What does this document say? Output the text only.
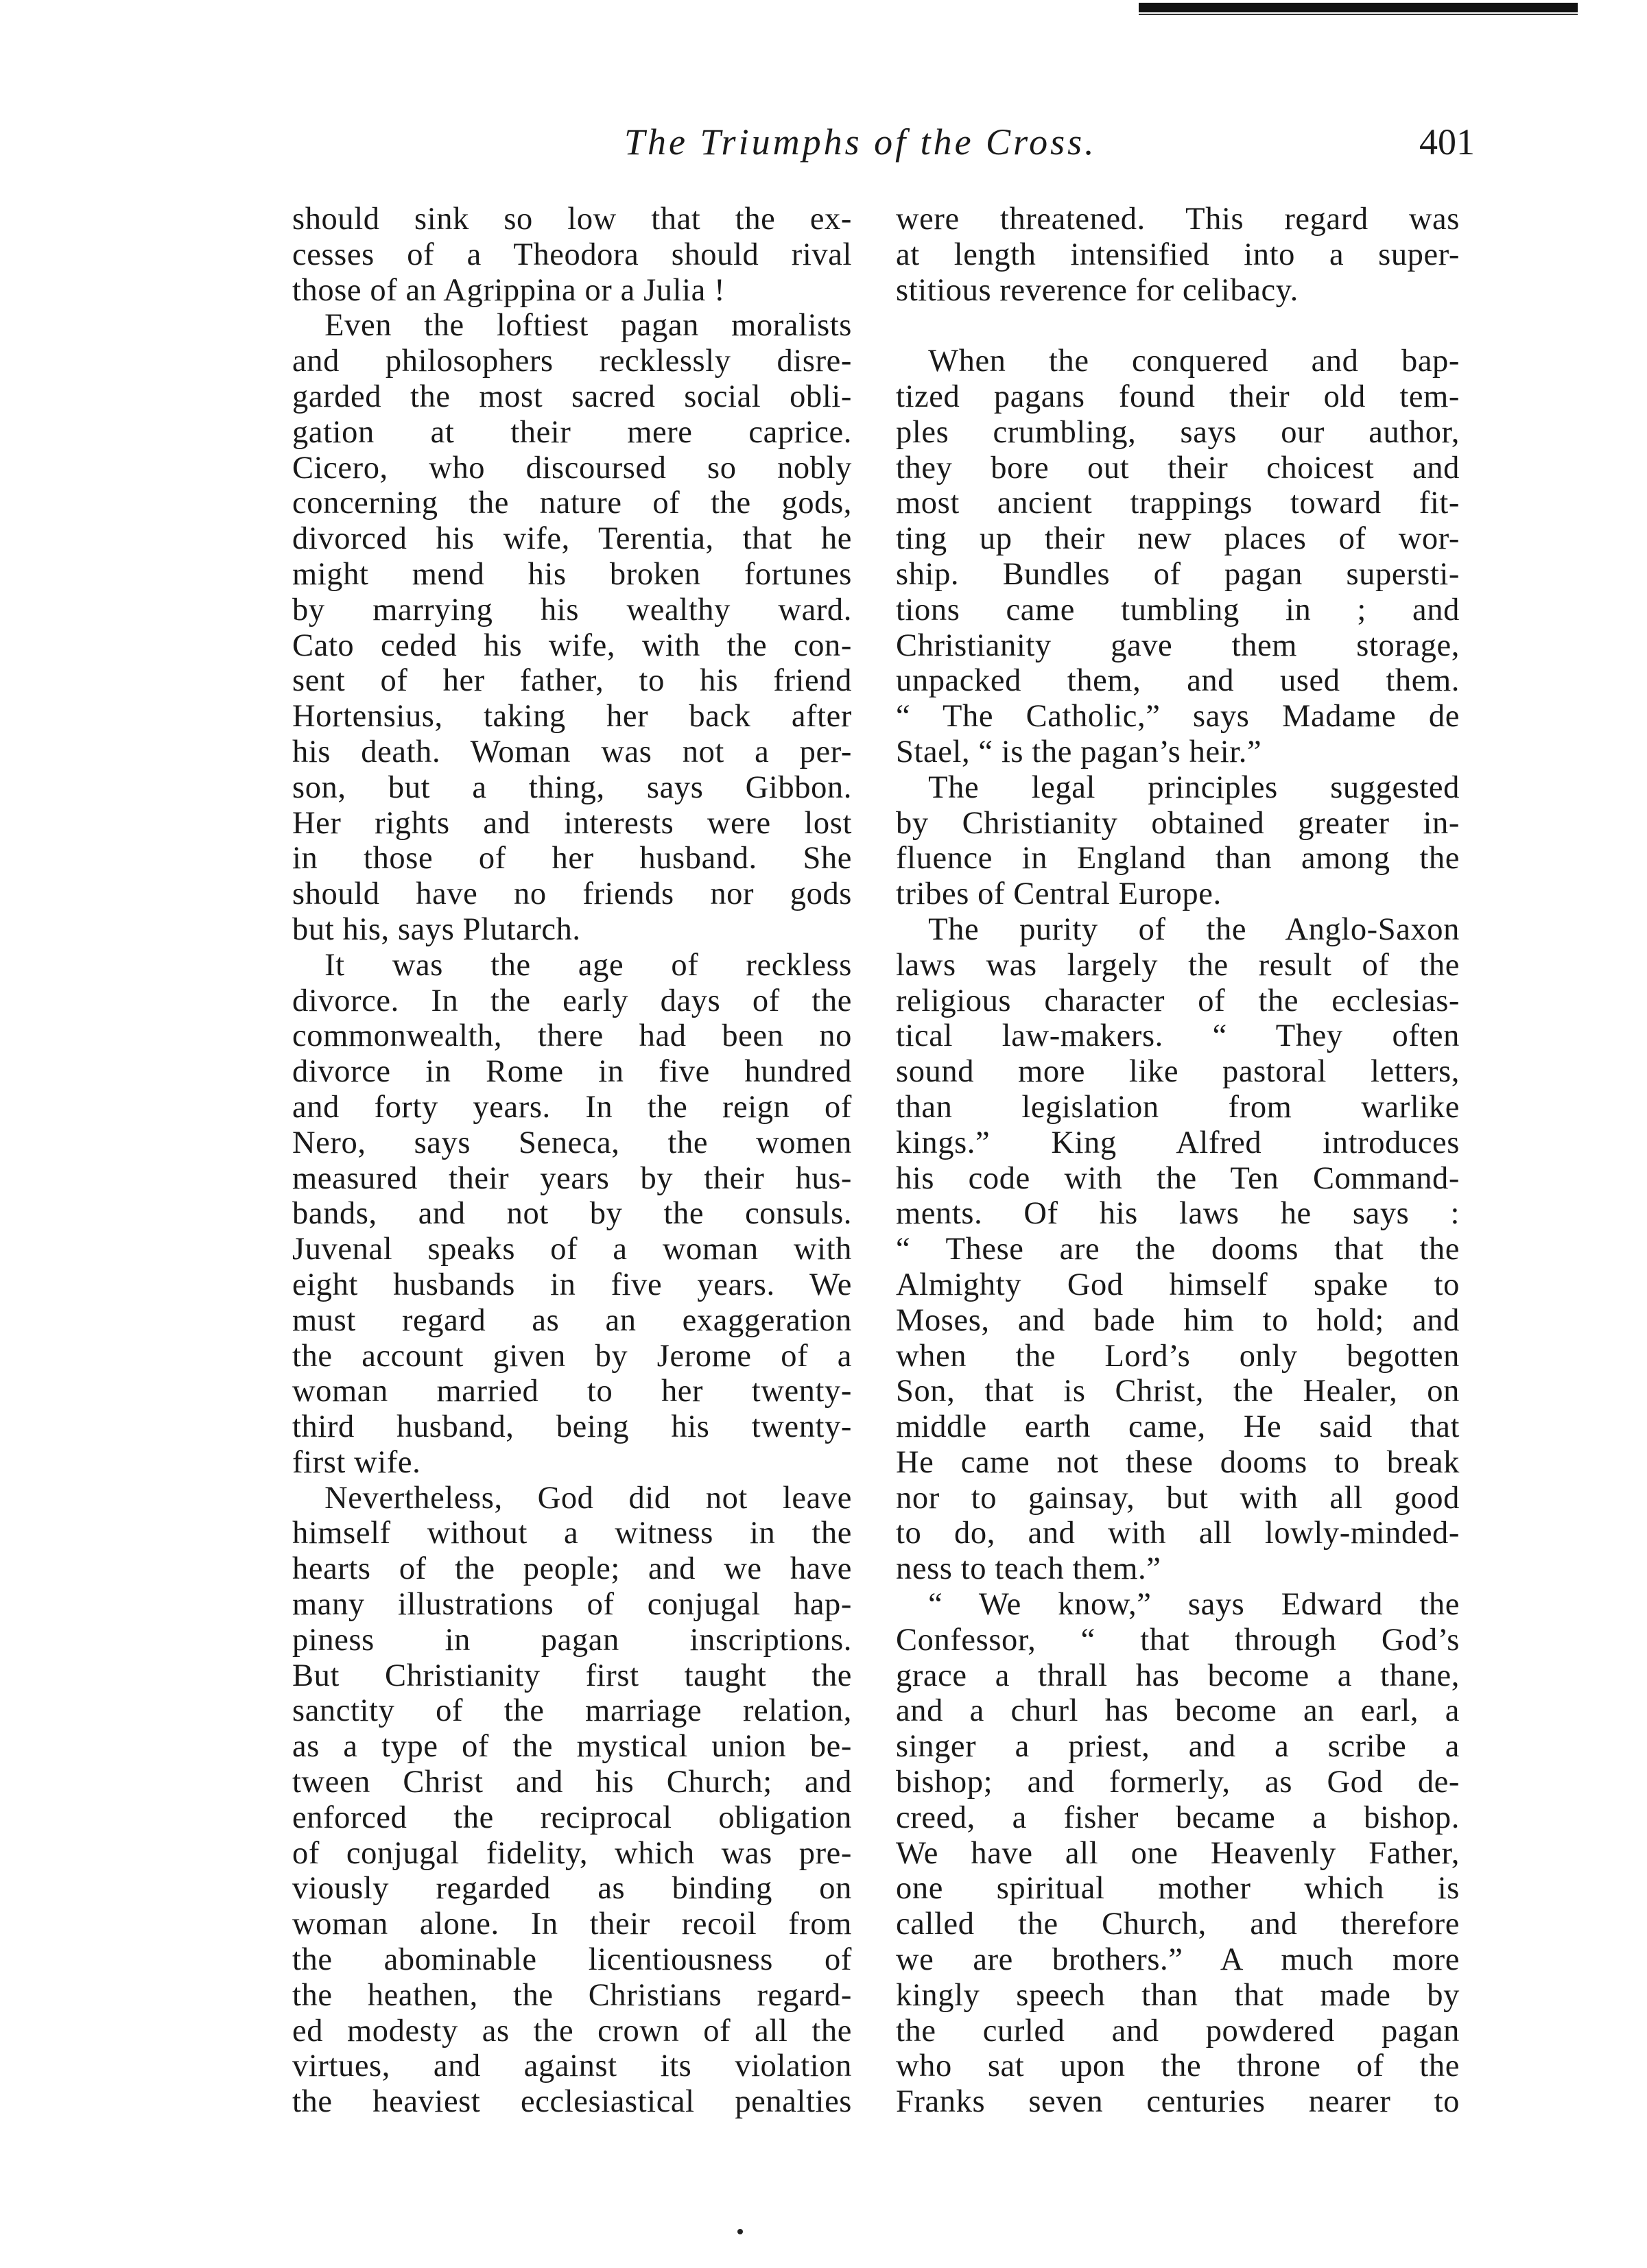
The Triumphs of the Cross.	401
should sink so low that the ex-
cesses of a Theodora should rival
those of an Agrippina or a Julia !
 Even the loftiest pagan moralists
and philosophers recklessly disre-
garded the most sacred social obli-
gation at their mere caprice.
Cicero, who discoursed so nobly
concerning the nature of the gods,
divorced his wife, Terentia, that he
might mend his broken fortunes
by marrying his wealthy ward.
Cato ceded his wife, with the con-
sent of her father, to his friend
Hortensius, taking her back after
his death. Woman was not a per-
son, but a thing, says Gibbon.
Her rights and interests were lost
in those of her husband. She
should have no friends nor gods
but his, says Plutarch.
 It was the age of reckless
divorce. In the early days of the
commonwealth, there had been no
divorce in Rome in five hundred
and forty years. In the reign of
Nero, says Seneca, the women
measured their years by their hus-
bands, and not by the consuls.
Juvenal speaks of a woman with
eight husbands in five years. We
must regard as an exaggeration
the account given by Jerome of a
woman married to her twenty-
third husband, being his twenty-
first wife.
 Nevertheless, God did not leave
himself without a witness in the
hearts of the people; and we have
many illustrations of conjugal hap-
piness in pagan inscriptions.
But Christianity first taught the
sanctity of the marriage relation,
as a type of the mystical union be-
tween Christ and his Church; and
enforced the reciprocal obligation
of conjugal fidelity, which was pre-
viously regarded as binding on
woman alone. In their recoil from
the abominable licentiousness of
the heathen, the Christians regard-
ed modesty as the crown of all the
virtues, and against its violation
the heaviest ecclesiastical penalties
were threatened. This regard was
at length intensified into a super-
stitious reverence for celibacy.
 When the conquered and bap-
tized pagans found their old tem-
ples crumbling, says our author,
they bore out their choicest and
most ancient trappings toward fit-
ting up their new places of wor-
ship. Bundles of pagan supersti-
tions came tumbling in ; and
Christianity gave them storage,
unpacked them, and used them.
“ The Catholic,” says Madame de
Stael, “ is the pagan’s heir.”
 The legal principles suggested
by Christianity obtained greater in-
fluence in England than among the
tribes of Central Europe.
 The purity of the Anglo-Saxon
laws was largely the result of the
religious character of the ecclesias-
tical law-makers. “ They often
sound more like pastoral letters,
than legislation from warlike
kings.” King Alfred introduces
his code with the Ten Command-
ments. Of his laws he says :
“ These are the dooms that the
Almighty God himself spake to
Moses, and bade him to hold; and
when the Lord’s only begotten
Son, that is Christ, the Healer, on
middle earth came, He said that
He came not these dooms to break
nor to gainsay, but with all good
to do, and with all lowly-minded-
ness to teach them.”
 “ We know,” says Edward the
Confessor, “ that through God’s
grace a thrall has become a thane,
and a churl has become an earl, a
singer a priest, and a scribe a
bishop; and formerly, as God de-
creed, a fisher became a bishop.
We have all one Heavenly Father,
one spiritual mother which is
called the Church, and therefore
we are brothers.” A much more
kingly speech than that made by
the curled and powdered pagan
who sat upon the throne of the
Franks seven centuries nearer to
